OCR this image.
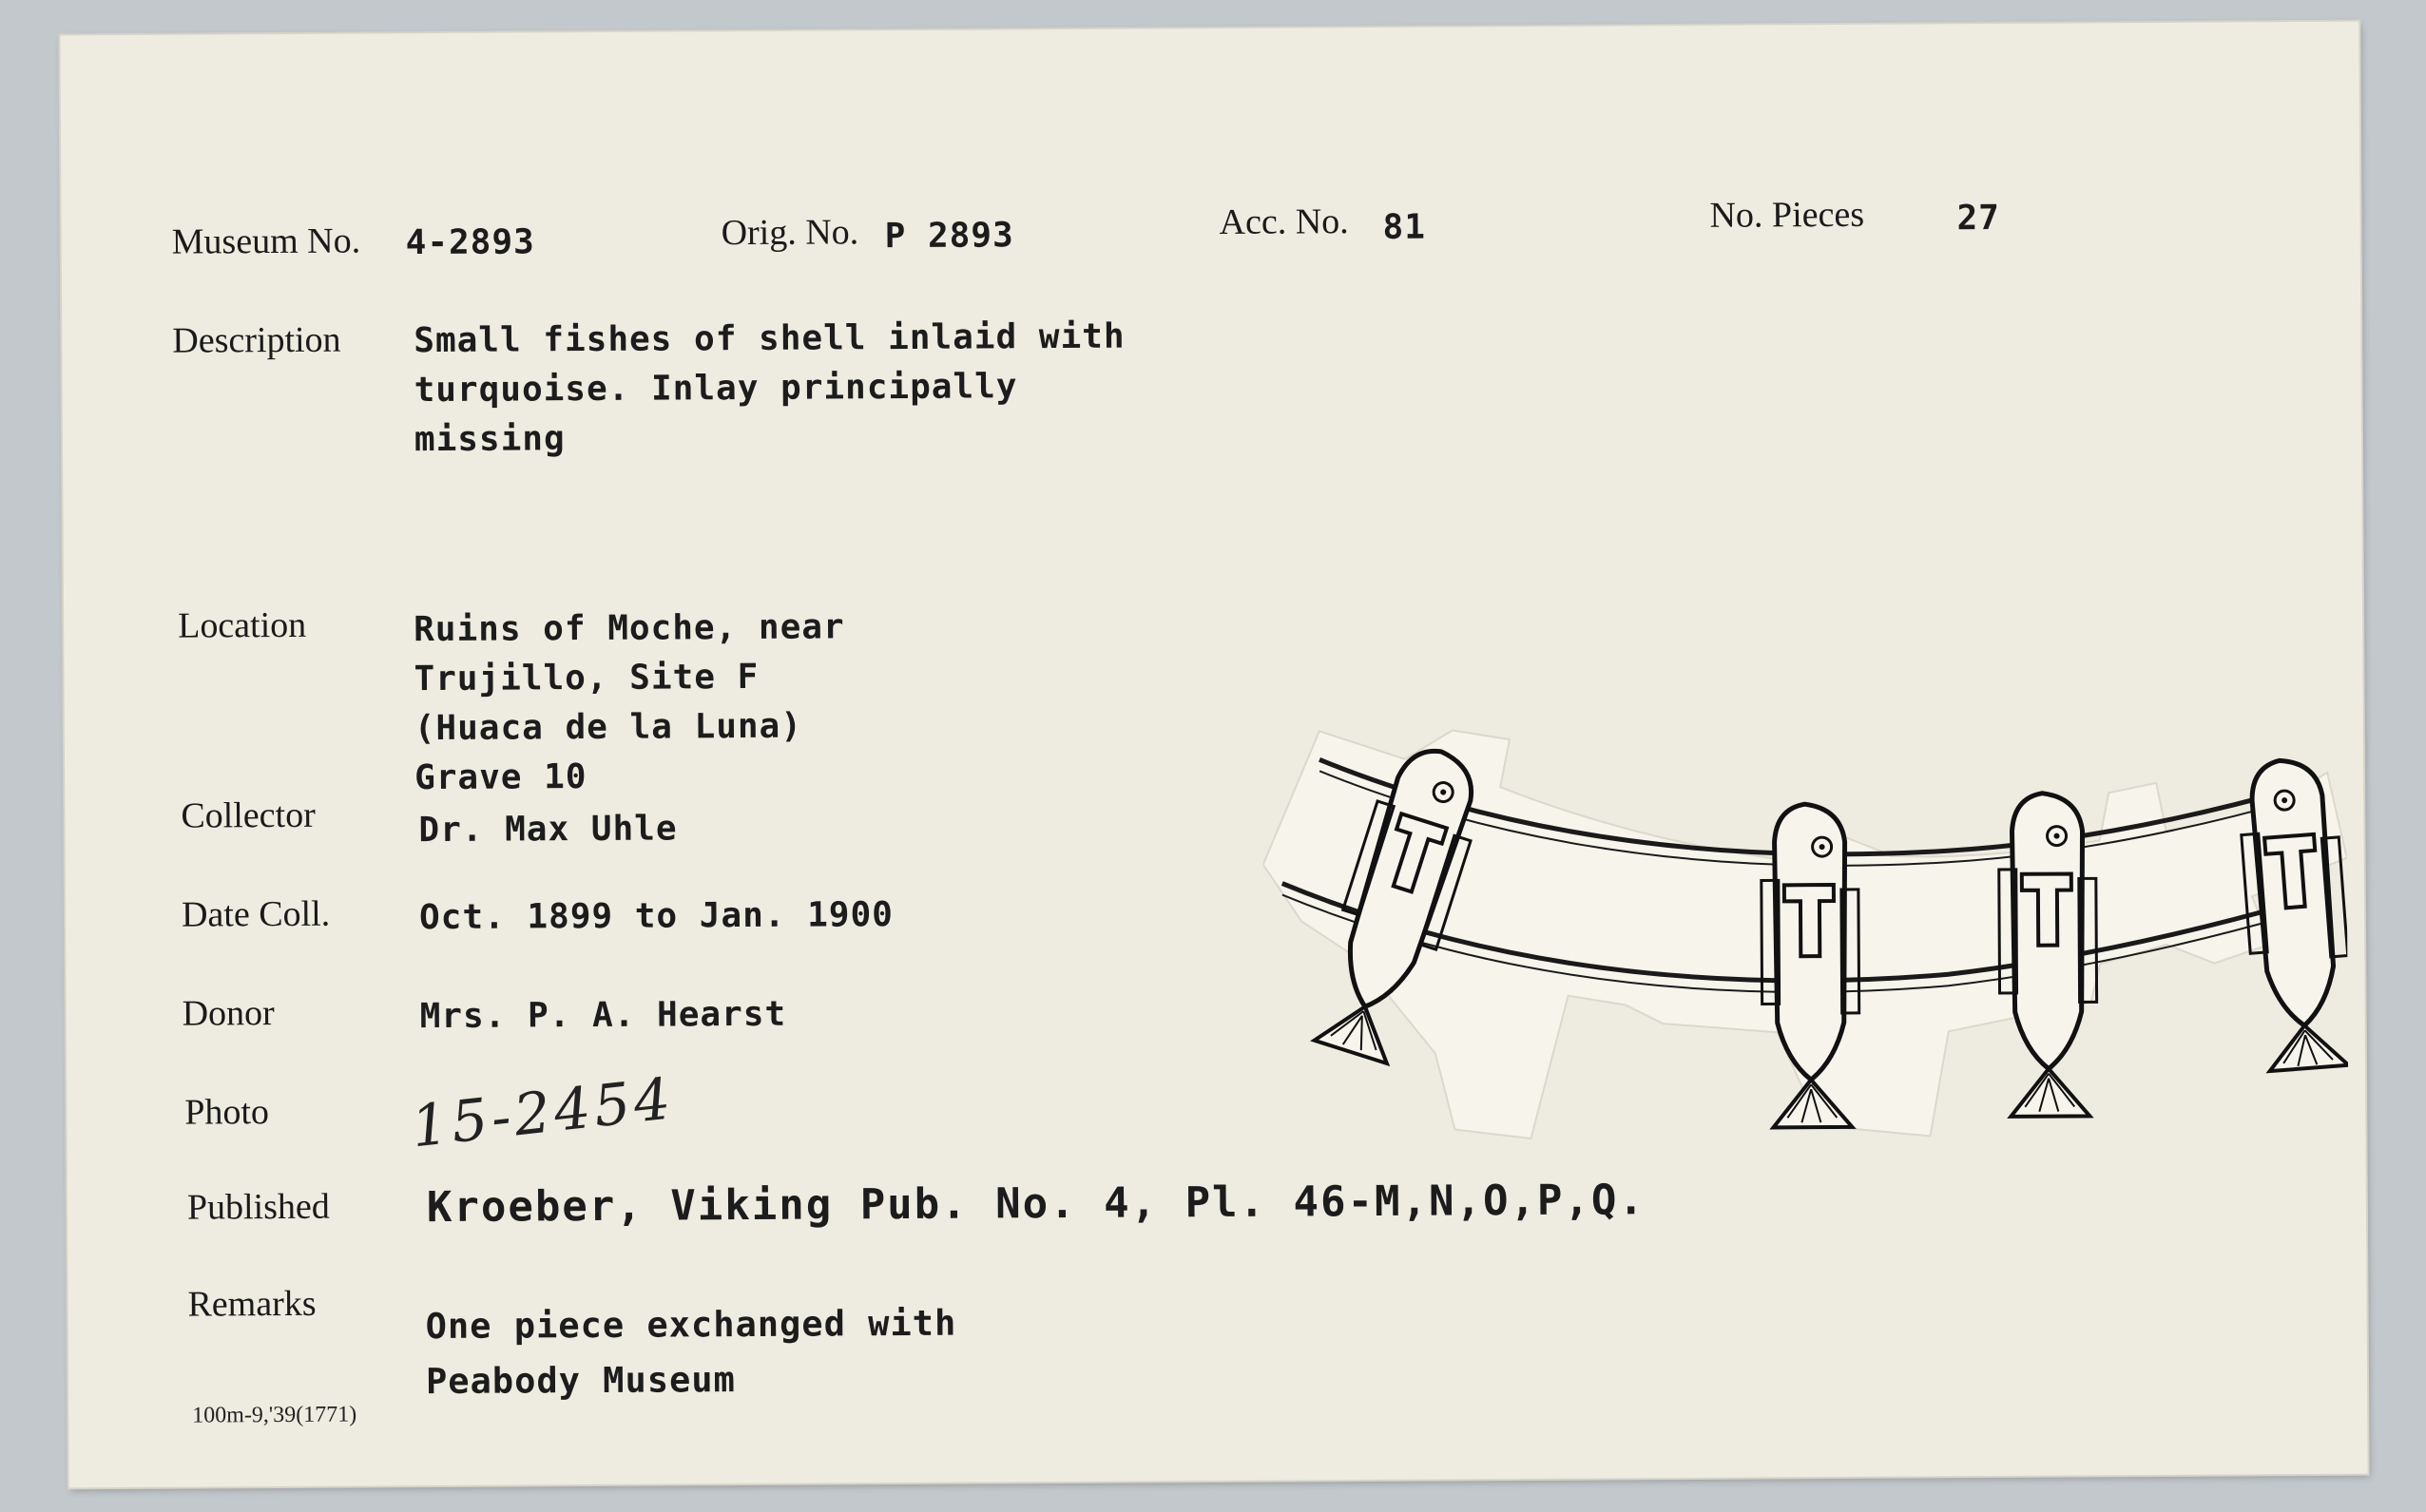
Museum No. 4-2893	Orig. No. P 2893	Acc. No. 81	No. Pieces	27
Description Small fishes of shell inlaid with
turquoise. Inlay principally
missing
Location	Ruins of Moche, near
Trujillo, Site F
(Huaca de la Luna)
Grave 10
Collector	Dr. Max Uhle
Date Coll.	Oct. 1899 to Jan. 1900
Donor	Mrs. P. A. Hearst
Photo 15-2454
Published Kroeber, Viking Pub. No. 4, Pl. 46-M,N,O,P,Q.
Remarks	One piece exchanged with
Peabody Museum
100m-9,'39(1771)
